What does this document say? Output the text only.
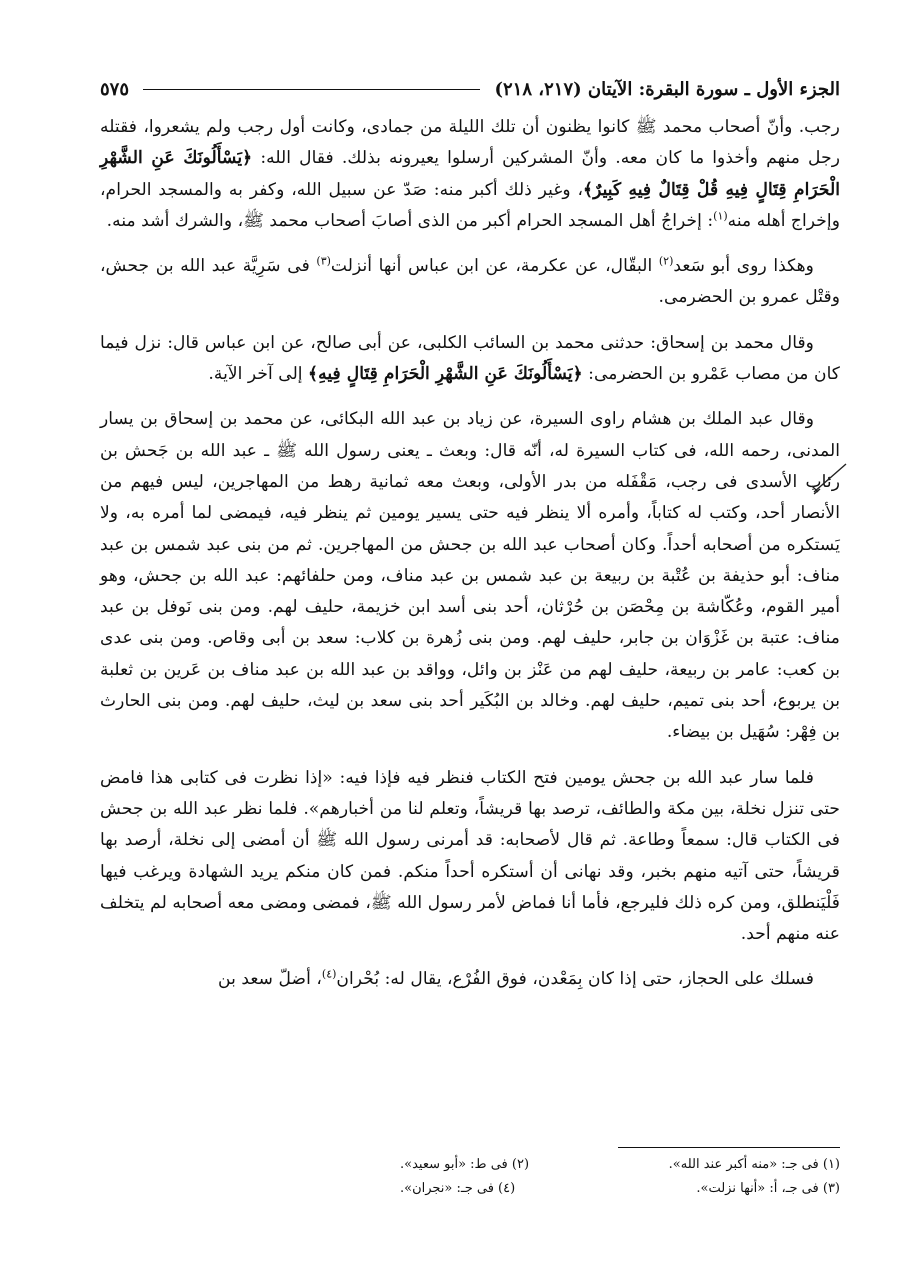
الجزء الأول ـ سورة البقرة: الآيتان (٢١٧، ٢١٨)
٥٧٥

رجب. وأنّ أصحاب محمد ﷺ كانوا يظنون أن تلك الليلة من جمادى، وكانت أول رجب ولم يشعروا، فقتله رجل منهم وأخذوا ما كان معه. وأنّ المشركين أرسلوا يعيرونه بذلك. فقال الله: ﴿يَسْأَلُونَكَ عَنِ الشَّهْرِ الْحَرَامِ قِتَالٍ فِيهِ قُلْ قِتَالٌ فِيهِ كَبِيرٌ﴾، وغير ذلك أكبر منه: صَدّ عن سبيل الله، وكفر به والمسجد الحرام، وإخراج أهله منه$^{(١)}$: إخراجُ أهل المسجد الحرام أكبر من الذى أصابَ أصحاب محمد ﷺ، والشرك أشد منه.

وهكذا روى أبو سَعد$^{(٢)}$ البقّال، عن عكرمة، عن ابن عباس أنها أنزلت$^{(٣)}$ فى سَرِيَّة عبد الله بن جحش، وقتْل عمرو بن الحضرمى.

وقال محمد بن إسحاق: حدثنى محمد بن السائب الكلبى، عن أبى صالح، عن ابن عباس قال: نزل فيما كان من مصاب عَمْرو بن الحضرمى: ﴿يَسْأَلُونَكَ عَنِ الشَّهْرِ الْحَرَامِ قِتَالٍ فِيهِ﴾ إلى آخر الآية.

وقال عبد الملك بن هشام راوى السيرة، عن زياد بن عبد الله البكائى، عن محمد بن إسحاق بن يسار المدنى، رحمه الله، فى كتاب السيرة له، أنّه قال: وبعث ـ يعنى رسول الله ﷺ ـ عبد الله بن جَحش بن رئاب الأسدى فى رجب، مَقْفَله من بدر الأولى، وبعث معه ثمانية رهط من المهاجرين، ليس فيهم من الأنصار أحد، وكتب له كتاباً، وأمره ألا ينظر فيه حتى يسير يومين ثم ينظر فيه، فيمضى لما أمره به، ولا يَستكره من أصحابه أحداً. وكان أصحاب عبد الله بن جحش من المهاجرين. ثم من بنى عبد شمس بن عبد مناف: أبو حذيفة بن عُتْبة بن ربيعة بن عبد شمس بن عبد مناف، ومن حلفائهم: عبد الله بن جحش، وهو أمير القوم، وعُكّاشة بن مِحْصَن بن حُرْثان، أحد بنى أسد ابن خزيمة، حليف لهم. ومن بنى نَوفل بن عبد مناف: عتبة بن غَزْوَان بن جابر، حليف لهم. ومن بنى زُهرة بن كلاب: سعد بن أبى وقاص. ومن بنى عدى بن كعب: عامر بن ربيعة، حليف لهم من عَنْز بن وائل، وواقد بن عبد الله بن عبد مناف بن عَرين بن ثعلبة بن يربوع، أحد بنى تميم، حليف لهم. وخالد بن البُكَير أحد بنى سعد بن ليث، حليف لهم. ومن بنى الحارث بن فِهْر: سُهَيل بن بيضاء.

فلما سار عبد الله بن جحش يومين فتح الكتاب فنظر فيه فإذا فيه: «إذا نظرت فى كتابى هذا فامض حتى تنزل نخلة، بين مكة والطائف، ترصد بها قريشاً، وتعلم لنا من أخبارهم». فلما نظر عبد الله بن جحش فى الكتاب قال: سمعاً وطاعة. ثم قال لأصحابه: قد أمرنى رسول الله ﷺ أن أمضى إلى نخلة، أرصد بها قريشاً، حتى آتيه منهم بخبر، وقد نهانى أن أستكره أحداً منكم. فمن كان منكم يريد الشهادة ويرغب فيها فَلْيَنطلق، ومن كره ذلك فليرجع، فأما أنا فماض لأمر رسول الله ﷺ، فمضى ومضى معه أصحابه لم يتخلف عنه منهم أحد.

فسلك على الحجاز، حتى إذا كان بِمَعْدن، فوق الفُرْع، يقال له: بُحْران$^{(٤)}$، أضلّ سعد بن

(١) فى جـ: «منه أكبر عند الله».
(٢) فى ط: «أبو سعيد».
(٣) فى جـ، أ: «أنها نزلت».
(٤) فى جـ: «نجران».
